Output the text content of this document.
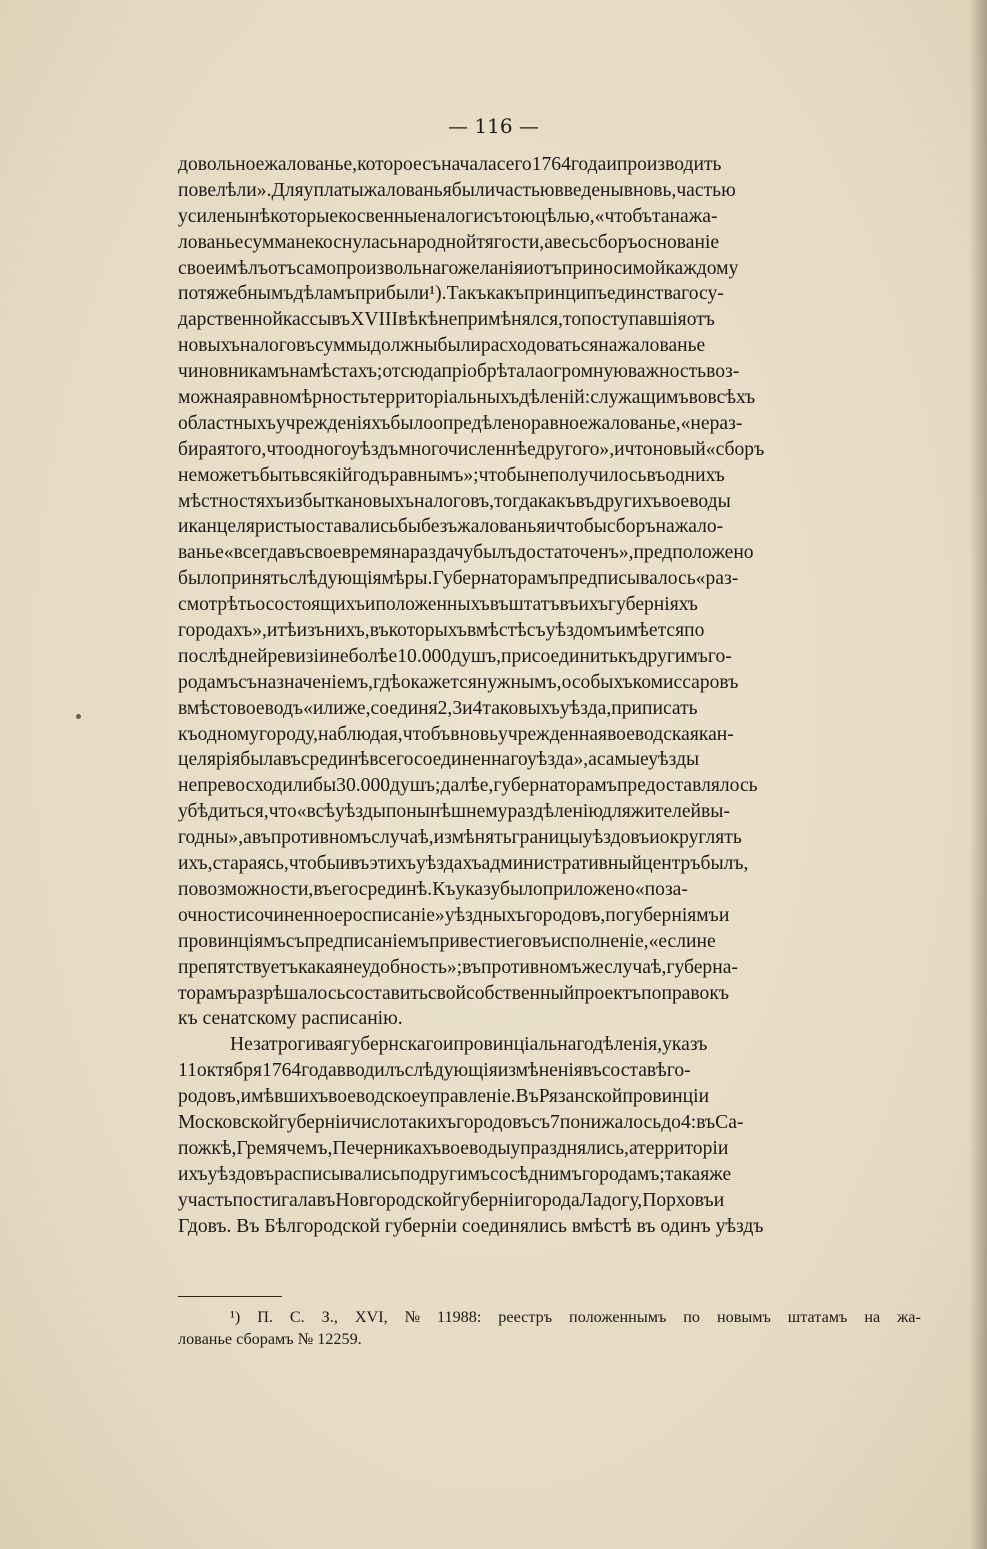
— 116 —
довольноежалованье,котороесъначаласего1764годаипроизводить
повелѣли».Дляуплатыжалованьябыличастьювведенывновь,частью
усиленынѣкоторыекосвенныеналогисътоюцѣлью,«чтобътанажа-
лованьесумманекоснуласьнароднойтягости,авесьсборъоснованіе
своеимѣлъотъсамопроизвольнагожеланіяиотъприносимойкаждому
потяжебнымъдѣламъприбыли¹).Такъкакъпринципъединствагосу-
дарственнойкассывъXVIIIвѣкѣнепримѣнялся,топоступавшіяотъ
новыхъналоговъсуммыдолжныбылирасходоватьсянажалованье
чиновникамънамѣстахъ;отсюдапріобрѣталаогромнуюважностьвоз-
можнаяравномѣрностьтерриторіальныхъдѣленій:служащимъвовсѣхъ
областныхъучрежденіяхъбылоопредѣленоравноежалованье,«нераз-
бираятого,чтоодногоуѣздъмногочисленнѣедругого»,ичтоновый«сборъ
неможетъбытьвсякійгодъравнымъ»;чтобынеполучилосьвъоднихъ
мѣстностяхъизбыткановыхъналоговъ,тогдакакъвъдругихъвоеводы
иканцеляристыоставалисьбыбезъжалованьяичтобысборънажало-
ванье«всегдавъсвоевремянараздачубылъдостаточенъ»,предположено
былопринятьслѣдующіямѣры.Губернаторамъпредписывалось«раз-
смотрѣтьосостоящихъиположенныхъвъштатъвъихъгуберніяхъ
городахъ»,итѣизънихъ,въкоторыхъвмѣстѣсъуѣздомъимѣетсяпо
послѣднейревизіинеболѣе10.000душъ,присоединитькъдругимъго-
родамъсъназначеніемъ,гдѣокажетсянужнымъ,особыхъкомиссаровъ
вмѣстовоеводъ«илиже,соединя2,3и4таковыхъуѣзда,приписать
къодномугороду,наблюдая,чтобъвновьучрежденнаявоеводскаякан-
целяріябылавъсрединѣвсегосоединеннагоуѣзда»,асамыеуѣзды
непревосходилибы30.000душъ;далѣе,губернаторамъпредоставлялось
убѣдиться,что«всѣуѣздыпонынѣшнемураздѣленіюдляжителейвы-
годны»,авъпротивномъслучаѣ,измѣнятьграницыуѣздовъиокруглять
ихъ,стараясь,чтобыивъэтихъуѣздахъадминистративныйцентръбылъ,
повозможности,въегосрединѣ.Къуказубылоприложено«поза-
очностисочиненноеросписаніе»уѣздныхъгородовъ,погуберніямъи
провинціямъсъпредписаніемъпривестиеговъисполненіе,«еслине
препятствуетъкакаянеудобность»;въпротивномъжеслучаѣ,губерна-
торамъразрѣшалосьсоставитьсвойсобственныйпроектъпоправокъ
къ сенатскому расписанію.
Незатрогиваягубернскагоипровинціальнагодѣленія,указъ
11октября1764годавводилъслѣдующіяизмѣненіявъсоставѣго-
родовъ,имѣвшихъвоеводскоеуправленіе.ВъРязанскойпровинціи
Московскойгуберніичислотакихъгородовъсъ7понижалосьдо4:въСа-
пожкѣ,Гремячемъ,Печерникахъвоеводыупразднялись,атерриторіи
ихъуѣздовърасписывалисьподругимъсосѣднимъгородамъ;такаяже
участьпостигалавъНовгородскойгуберніигородаЛадогу,Порховъи
Гдовъ. Въ Бѣлгородской губерніи соединялись вмѣстѣ въ одинъ уѣздъ
¹) П. С. З., XVI, № 11988: реестръ положеннымъ по новымъ штатамъ на жа-
лованье сборамъ № 12259.
